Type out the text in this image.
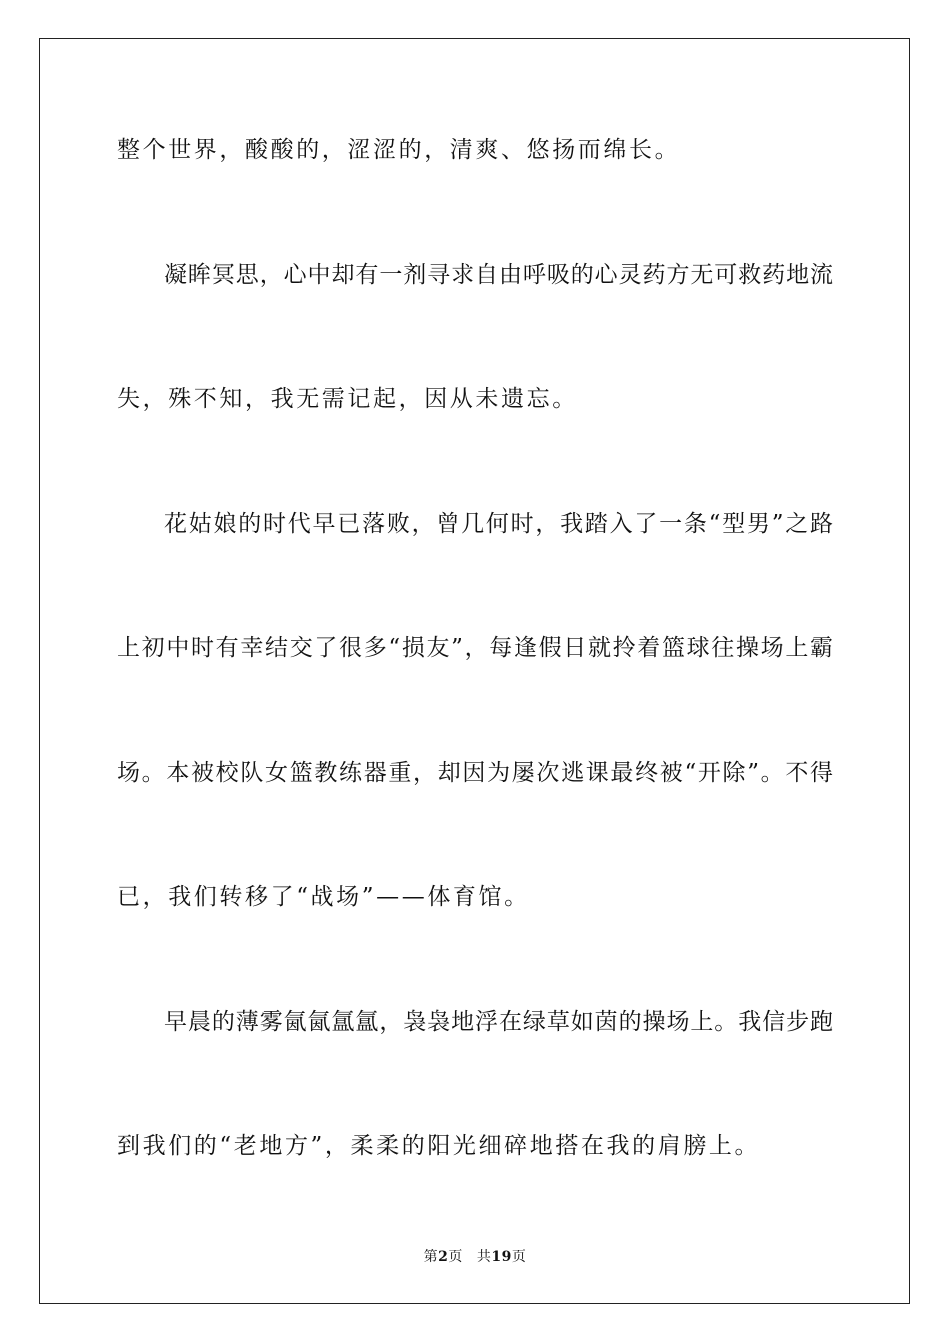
整个世界，酸酸的，涩涩的，清爽、悠扬而绵长。
凝眸冥思，心中却有一剂寻求自由呼吸的心灵药方无可救药地流
失，殊不知，我无需记起，因从未遗忘。
花姑娘的时代早已落败，曾几何时，我踏入了一条“型男”之路
上初中时有幸结交了很多“损友”，每逢假日就拎着篮球往操场上霸
场。本被校队女篮教练器重，却因为屡次逃课最终被“开除”。不得
已，我们转移了“战场”——体育馆。
早晨的薄雾氤氤氲氲，袅袅地浮在绿草如茵的操场上。我信步跑
到我们的“老地方”，柔柔的阳光细碎地搭在我的肩膀上。
第2页 共19页
